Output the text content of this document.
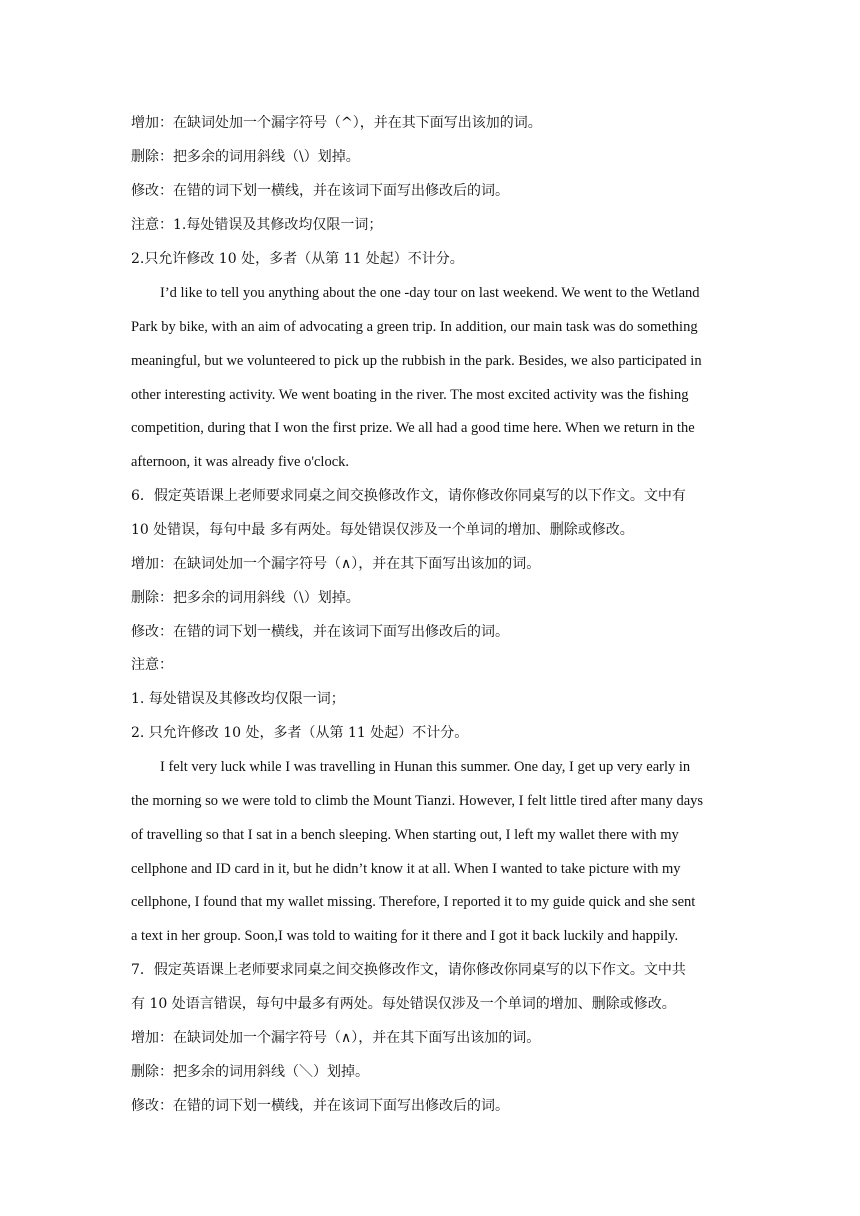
增加：在缺词处加一个漏字符号（^），并在其下面写出该加的词。
删除：把多余的词用斜线（\）划掉。
修改：在错的词下划一横线，并在该词下面写出修改后的词。
注意：1.每处错误及其修改均仅限一词；
2.只允许修改 10 处，多者（从第 11 处起）不计分。
I’d like to tell you anything about the one -day tour on last weekend. We went to the Wetland
Park by bike, with an aim of advocating a green trip. In addition, our main task was do something
meaningful, but we volunteered to pick up the rubbish in the park. Besides, we also participated in
other interesting activity. We went boating in the river. The most excited activity was the fishing
competition, during that I won the first prize. We all had a good time here. When we return in the
afternoon, it was already five o'clock.
6．假定英语课上老师要求同桌之间交换修改作文，请你修改你同桌写的以下作文。文中有
10 处错误，每句中最 多有两处。每处错误仅涉及一个单词的增加、删除或修改。
增加：在缺词处加一个漏字符号（∧），并在其下面写出该加的词。
删除：把多余的词用斜线（\）划掉。
修改：在错的词下划一横线，并在该词下面写出修改后的词。
注意：
1. 每处错误及其修改均仅限一词；
2. 只允许修改 10 处，多者（从第 11 处起）不计分。
I felt very luck while I was travelling in Hunan this summer. One day, I get up very early in
the morning so we were told to climb the Mount Tianzi. However, I felt little tired after many days
of travelling so that I sat in a bench sleeping. When starting out, I left my wallet there with my
cellphone and ID card in it, but he didn’t know it at all. When I wanted to take picture with my
cellphone, I found that my wallet missing. Therefore, I reported it to my guide quick and she sent
a text in her group. Soon,I was told to waiting for it there and I got it back luckily and happily.
7．假定英语课上老师要求同桌之间交换修改作文，请你修改你同桌写的以下作文。文中共
有 10 处语言错误，每句中最多有两处。每处错误仅涉及一个单词的增加、删除或修改。
增加：在缺词处加一个漏字符号（∧），并在其下面写出该加的词。
删除：把多余的词用斜线（＼）划掉。
修改：在错的词下划一横线，并在该词下面写出修改后的词。
